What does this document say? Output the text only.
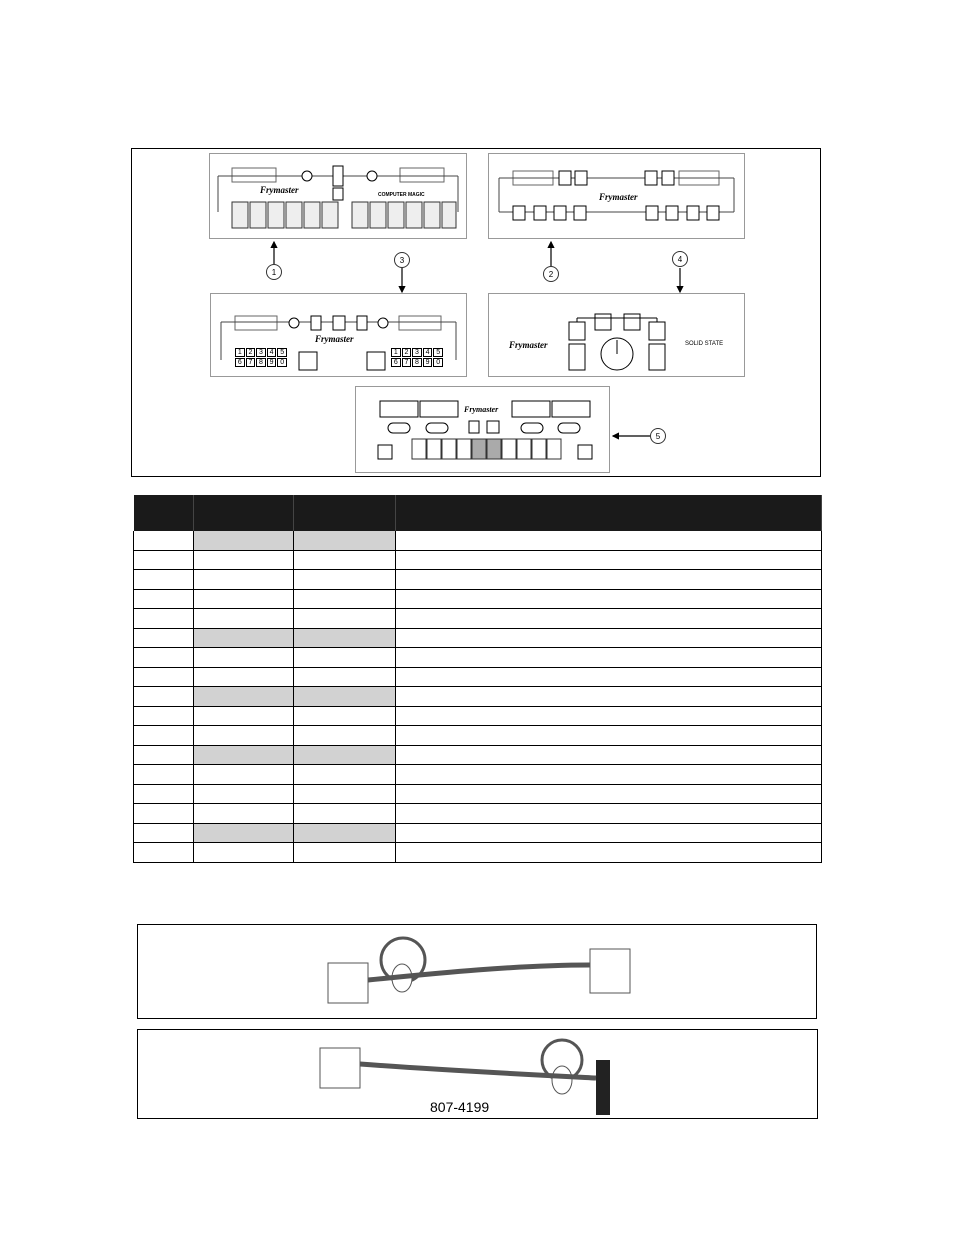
Frymaster	COMPUTER MAGIC	Frymaster
1 2 3 4 5
6 7 8 9 0
1 2 3 4 5
6 7 8 9 0
Frymaster
Frymaster	SOLID STATE
Frymaster
1
3
2
4
5

807-4199
